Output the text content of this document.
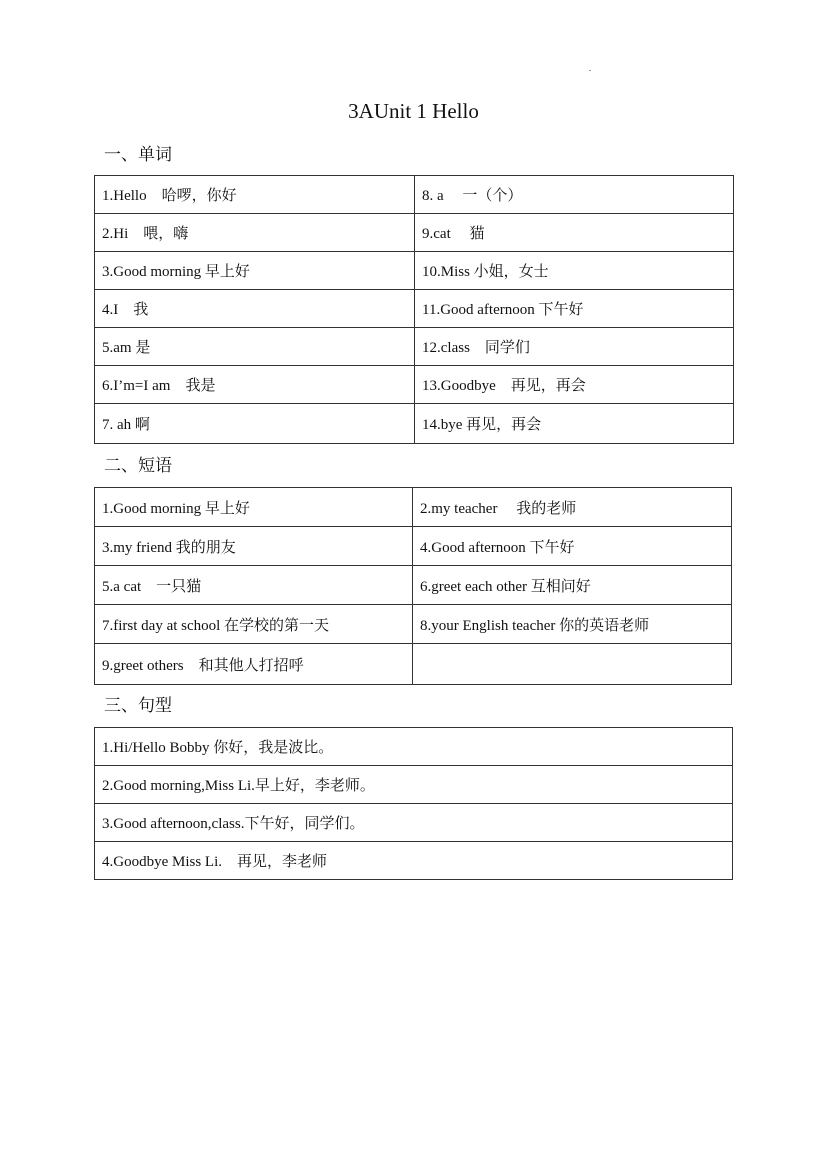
3AUnit 1 Hello
一、单词
1.Hello　哈啰，你好	8. a　 一（个）
2.Hi　喂，嗨	9.cat　 猫
3.Good morning 早上好	10.Miss 小姐，女士
4.I　我	11.Good afternoon 下午好
5.am 是	12.class　同学们
6.I’m=I am　我是	13.Goodbye　再见，再会
7. ah 啊	14.bye 再见，再会
二、短语
1.Good morning 早上好	2.my teacher　 我的老师
3.my friend 我的朋友	4.Good afternoon 下午好
5.a cat　一只猫	6.greet each other 互相问好
7.first day at school 在学校的第一天	8.your English teacher 你的英语老师
9.greet others　和其他人打招呼	
三、句型
1.Hi/Hello Bobby 你好，我是波比。
2.Good morning,Miss Li.早上好，李老师。
3.Good afternoon,class.下午好，同学们。
4.Goodbye Miss Li.　再见，李老师
